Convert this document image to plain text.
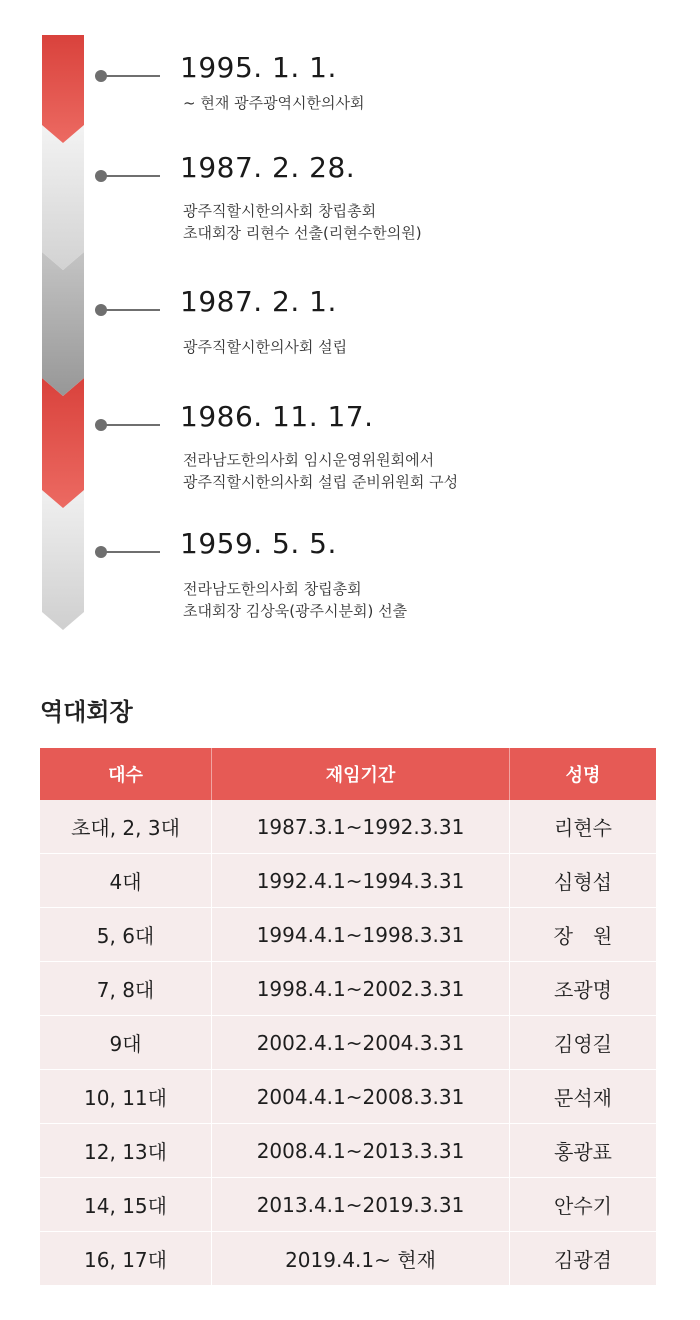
1995. 1. 1.
~ 현재 광주광역시한의사회
1987. 2. 28.
광주직할시한의사회 창립총회
초대회장 리현수 선출(리현수한의원)
1987. 2. 1.
광주직할시한의사회 설립
1986. 11. 17.
전라남도한의사회 임시운영위원회에서
광주직할시한의사회 설립 준비위원회 구성
1959. 5. 5.
전라남도한의사회 창립총회
초대회장 김상욱(광주시분회) 선출
역대회장
대수	재임기간	성명
초대, 2, 3대	1987.3.1~1992.3.31	리현수
4대	1992.4.1~1994.3.31	심형섭
5, 6대	1994.4.1~1998.3.31	장　원
7, 8대	1998.4.1~2002.3.31	조광명
9대	2002.4.1~2004.3.31	김영길
10, 11대	2004.4.1~2008.3.31	문석재
12, 13대	2008.4.1~2013.3.31	홍광표
14, 15대	2013.4.1~2019.3.31	안수기
16, 17대	2019.4.1~ 현재	김광겸
